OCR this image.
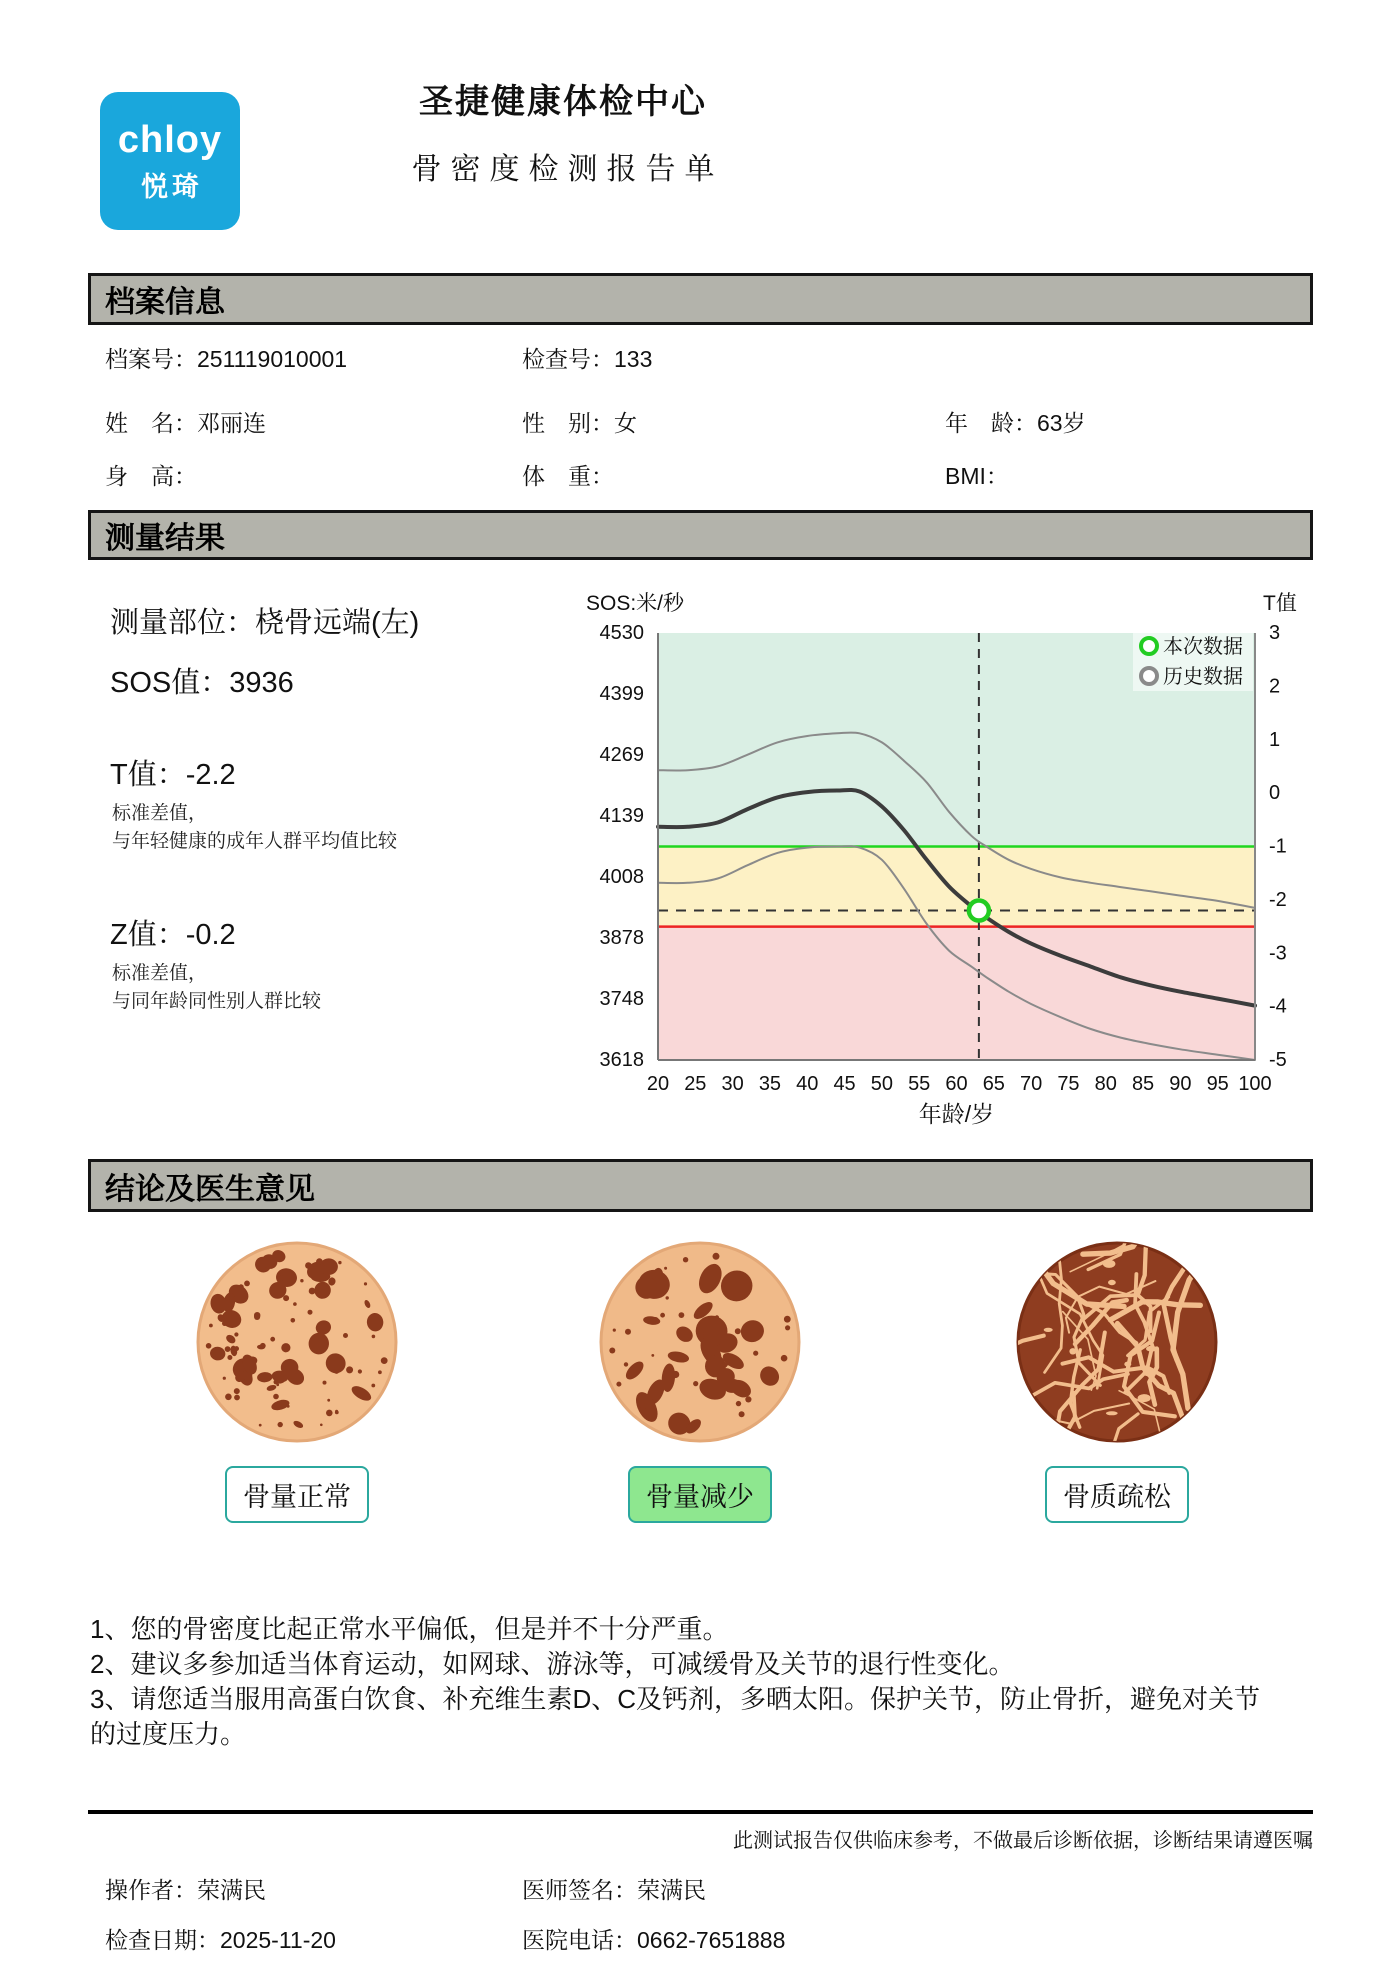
chloy
悦琦
圣捷健康体检中心
骨密度检测报告单
档案信息
档案号：251119010001	检查号：133
姓　名：邓丽连	性　别：女	年　龄：63岁
身　高：	体　重：	BMI：
测量结果
测量部位：桡骨远端(左)
SOS值：3936
T值：-2.2
标准差值，
与年轻健康的成年人群平均值比较
Z值：-0.2
标准差值，
与同年龄同性别人群比较
4530
4399
4269
4139
4008
3878
3748
3618
3
2
1
0
-1
-2
-3
-4
-5
20 25 30 35 40 45 50 55 60 65 70 75 80 85 90 95 100
年龄/岁
SOS:米/秒	T值
本次数据
历史数据
结论及医生意见
骨量正常	骨量减少	骨质疏松
1、您的骨密度比起正常水平偏低，但是并不十分严重。
2、建议多参加适当体育运动，如网球、游泳等，可减缓骨及关节的退行性变化。
3、请您适当服用高蛋白饮食、补充维生素D、C及钙剂，多晒太阳。保护关节，防止骨折，避免对关节的过度压力。
此测试报告仅供临床参考，不做最后诊断依据，诊断结果请遵医嘱
操作者：荣满民	医师签名：荣满民
检查日期：2025-11-20	医院电话：0662-7651888
